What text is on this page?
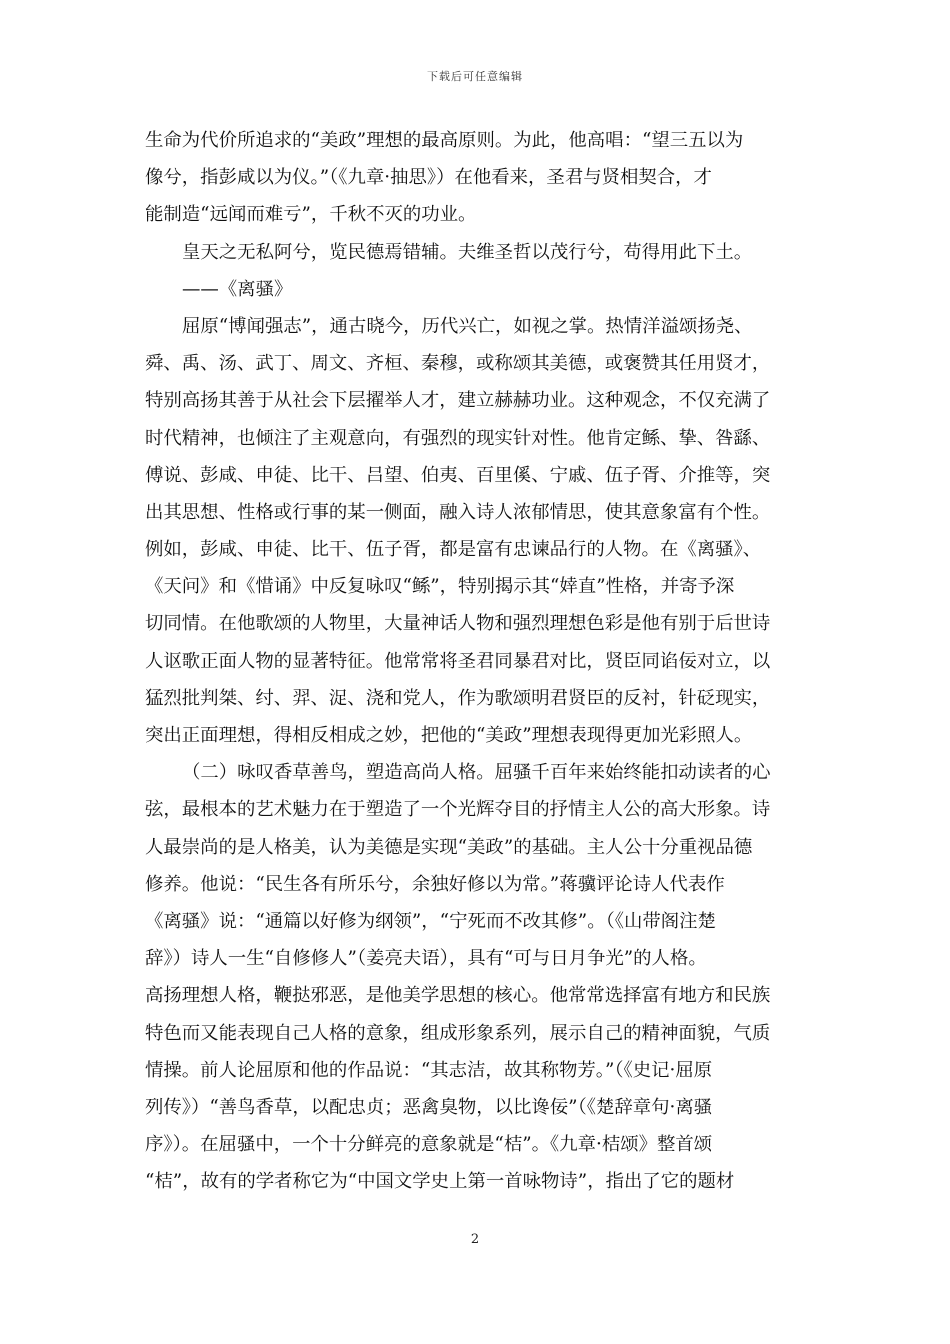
下载后可任意编辑
生命为代价所追求的“美政”理想的最高原则。为此，他高唱：“望三五以为
像兮，指彭咸以为仪。”（《九章·抽思》）在他看来，圣君与贤相契合，才
能制造“远闻而难亏”，千秋不灭的功业。
皇天之无私阿兮，览民德焉错辅。夫维圣哲以茂行兮，苟得用此下土。
——《离骚》
屈原“博闻强志”，通古晓今，历代兴亡，如视之掌。热情洋溢颂扬尧、
舜、禹、汤、武丁、周文、齐桓、秦穆，或称颂其美德，或褒赞其任用贤才，
特别高扬其善于从社会下层擢举人才，建立赫赫功业。这种观念，不仅充满了
时代精神，也倾注了主观意向，有强烈的现实针对性。他肯定鲧、挚、咎繇、
傅说、彭咸、申徒、比干、吕望、伯夷、百里傒、宁戚、伍子胥、介推等，突
出其思想、性格或行事的某一侧面，融入诗人浓郁情思，使其意象富有个性。
例如，彭咸、申徒、比干、伍子胥，都是富有忠谏品行的人物。在《离骚》、
《天问》和《惜诵》中反复咏叹“鲧”，特别揭示其“婞直”性格，并寄予深
切同情。在他歌颂的人物里，大量神话人物和强烈理想色彩是他有别于后世诗
人讴歌正面人物的显著特征。他常常将圣君同暴君对比，贤臣同谄佞对立，以
猛烈批判桀、纣、羿、浞、浇和党人，作为歌颂明君贤臣的反衬，针砭现实，
突出正面理想，得相反相成之妙，把他的“美政”理想表现得更加光彩照人。
（二）咏叹香草善鸟，塑造高尚人格。屈骚千百年来始终能扣动读者的心
弦，最根本的艺术魅力在于塑造了一个光辉夺目的抒情主人公的高大形象。诗
人最崇尚的是人格美，认为美德是实现“美政”的基础。主人公十分重视品德
修养。他说：“民生各有所乐兮，余独好修以为常。”蒋骥评论诗人代表作
《离骚》说：“通篇以好修为纲领”，“宁死而不改其修”。（《山带阁注楚
辞》）诗人一生“自修修人”（姜亮夫语），具有“可与日月争光”的人格。
高扬理想人格，鞭挞邪恶，是他美学思想的核心。他常常选择富有地方和民族
特色而又能表现自己人格的意象，组成形象系列，展示自己的精神面貌，气质
情操。前人论屈原和他的作品说：“其志洁，故其称物芳。”（《史记·屈原
列传》）“善鸟香草，以配忠贞；恶禽臭物，以比谗佞”（《楚辞章句·离骚
序》）。在屈骚中，一个十分鲜亮的意象就是“桔”。《九章·桔颂》整首颂
“桔”，故有的学者称它为“中国文学史上第一首咏物诗”，指出了它的题材
2
